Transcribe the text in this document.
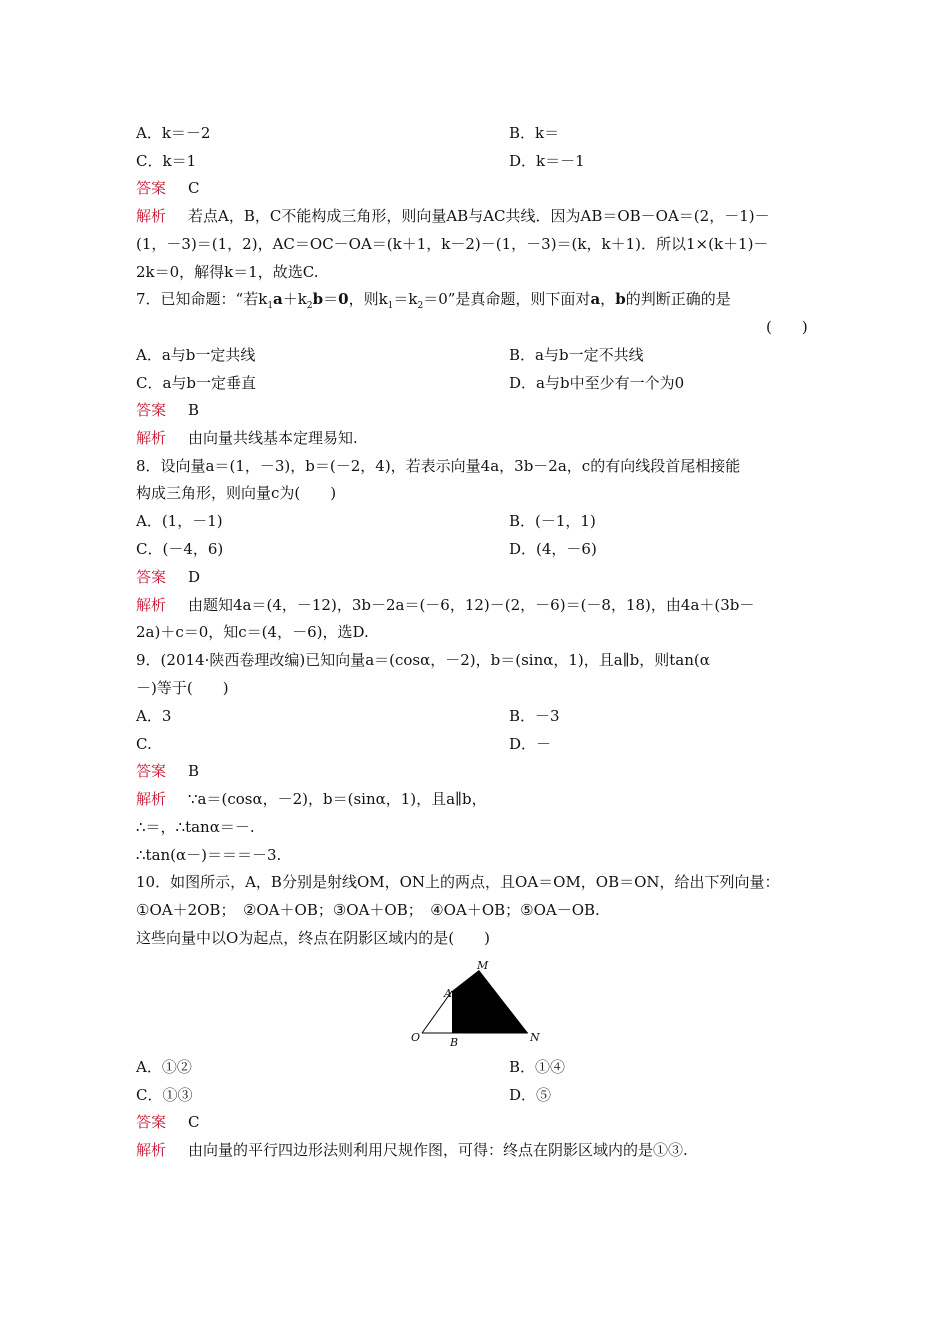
A．k＝－2	B．k＝
C．k＝1	D．k＝－1
答案 C
解析 若点A，B，C不能构成三角形，则向量AB与AC共线．因为AB＝OB－OA＝(2，－1)－
(1，－3)＝(1，2)，AC＝OC－OA＝(k＋1，k－2)－(1，－3)＝(k，k＋1)．所以1×(k＋1)－
2k＝0，解得k＝1，故选C.
7．已知命题：“若$k_1a+k_2b=0$，则$k_1=k_2=0$”是真命题，则下面对a，b的判断正确的是
(　　)
A．a与b一定共线	B．a与b一定不共线
C．a与b一定垂直	D．a与b中至少有一个为0
答案 B
解析 由向量共线基本定理易知.
8．设向量a＝(1，－3)，b＝(－2，4)，若表示向量4a，3b－2a，c的有向线段首尾相接能
构成三角形，则向量c为(　　)
A．(1，－1)	B．(－1，1)
C．(－4，6)	D．(4，－6)
答案 D
解析 由题知4a＝(4，－12)，3b－2a＝(－6，12)－(2，－6)＝(－8，18)，由4a＋(3b－
2a)＋c＝0，知c＝(4，－6)，选D.
9．(2014·陕西卷理改编)已知向量a＝(cosα，－2)，b＝(sinα，1)，且a∥b，则tan(α
－)等于(　　)
A．3	B．－3
C.	D．－
答案 B
解析 ∵a＝(cosα，－2)，b＝(sinα，1)，且a∥b，
∴＝，∴tanα＝－.
∴tan(α－)＝＝＝－3.
10．如图所示，A，B分别是射线OM，ON上的两点，且OA＝OM，OB＝ON，给出下列向量：
①OA＋2OB；　②OA＋OB；③OA＋OB；　④OA＋OB；⑤OA－OB.
这些向量中以O为起点，终点在阴影区域内的是(　　)
M
A
O	B	N
A．①②	B．①④
C．①③	D．⑤
答案 C
解析 由向量的平行四边形法则利用尺规作图，可得：终点在阴影区域内的是①③.
